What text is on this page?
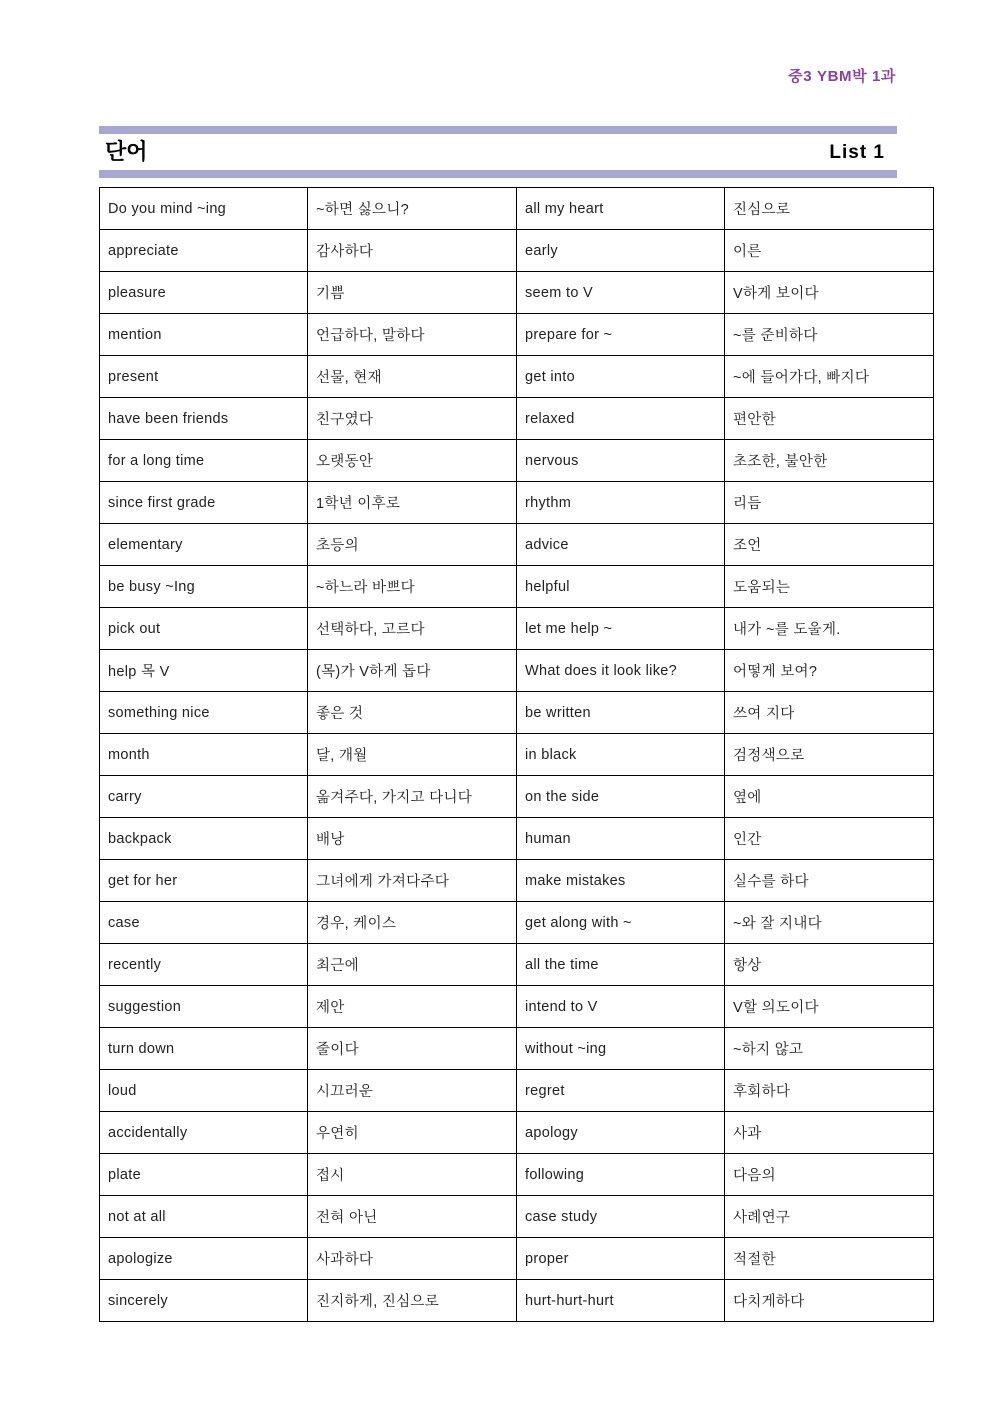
중3 YBM박 1과
단어	List 1
Do you mind ~ing	~하면 싫으니?	all my heart	진심으로
appreciate	감사하다	early	이른
pleasure	기쁨	seem to V	V하게 보이다
mention	언급하다, 말하다	prepare for ~	~를 준비하다
present	선물, 현재	get into	~에 들어가다, 빠지다
have been friends	친구였다	relaxed	편안한
for a long time	오랫동안	nervous	초조한, 불안한
since first grade	1학년 이후로	rhythm	리듬
elementary	초등의	advice	조언
be busy ~Ing	~하느라 바쁘다	helpful	도움되는
pick out	선택하다, 고르다	let me help ~	내가 ~를 도울게.
help 목 V	(목)가 V하게 돕다	What does it look like?	어떻게 보여?
something nice	좋은 것	be written	쓰여 지다
month	달, 개월	in black	검정색으로
carry	옮겨주다, 가지고 다니다	on the side	옆에
backpack	배낭	human	인간
get for her	그녀에게 가져다주다	make mistakes	실수를 하다
case	경우, 케이스	get along with ~	~와 잘 지내다
recently	최근에	all the time	항상
suggestion	제안	intend to V	V할 의도이다
turn down	줄이다	without ~ing	~하지 않고
loud	시끄러운	regret	후회하다
accidentally	우연히	apology	사과
plate	접시	following	다음의
not at all	전혀 아닌	case study	사례연구
apologize	사과하다	proper	적절한
sincerely	진지하게, 진심으로	hurt-hurt-hurt	다치게하다
